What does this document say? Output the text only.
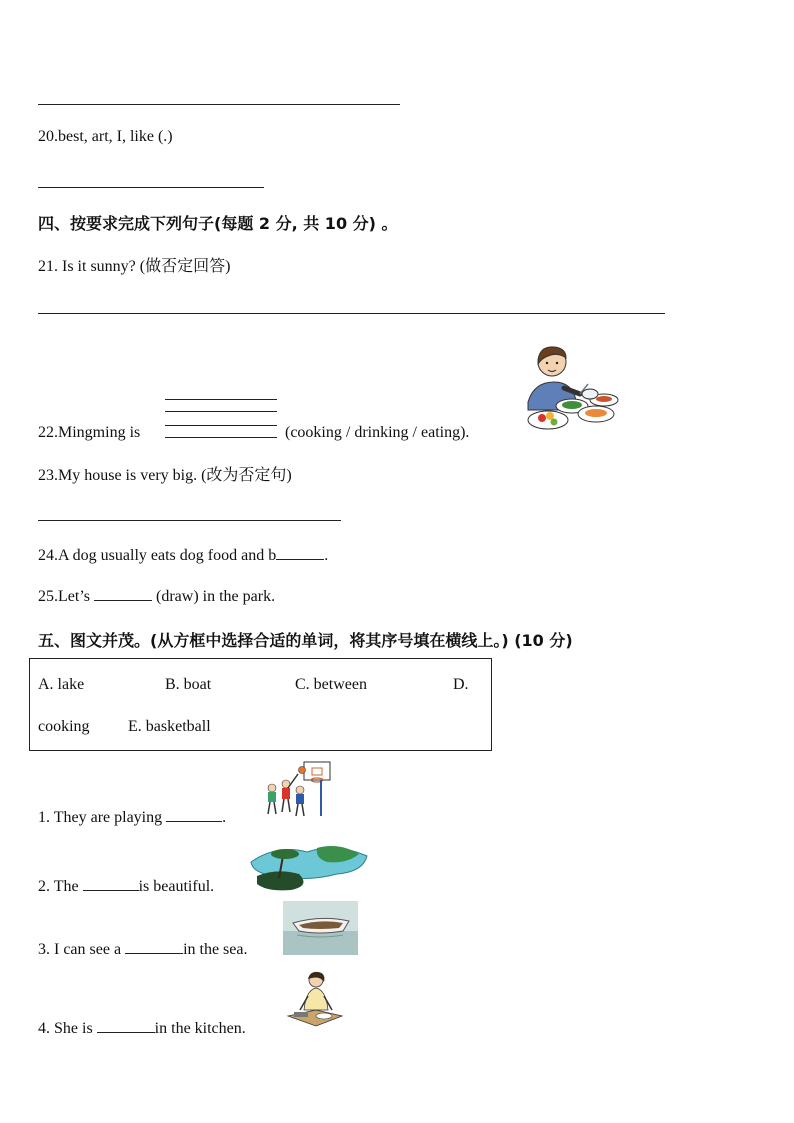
20.best, art, I, like (.)
四、按要求完成下列句子(每题 2 分, 共 10 分) 。
21. Is it sunny? (做否定回答)
22.Mingming is	(cooking / drinking / eating).
23.My house is very big. (改为否定句)
24.A dog usually eats dog food and b	.
25.Let’s	(draw) in the park.
五、图文并茂。(从方框中选择合适的单词，将其序号填在横线上。) (10 分)
A. lake	B. boat	C. between	D.
cooking E. basketball
1. They are playing	.
2. The	is beautiful.
3. I can see a	in the sea.
4. She is	in the kitchen.
